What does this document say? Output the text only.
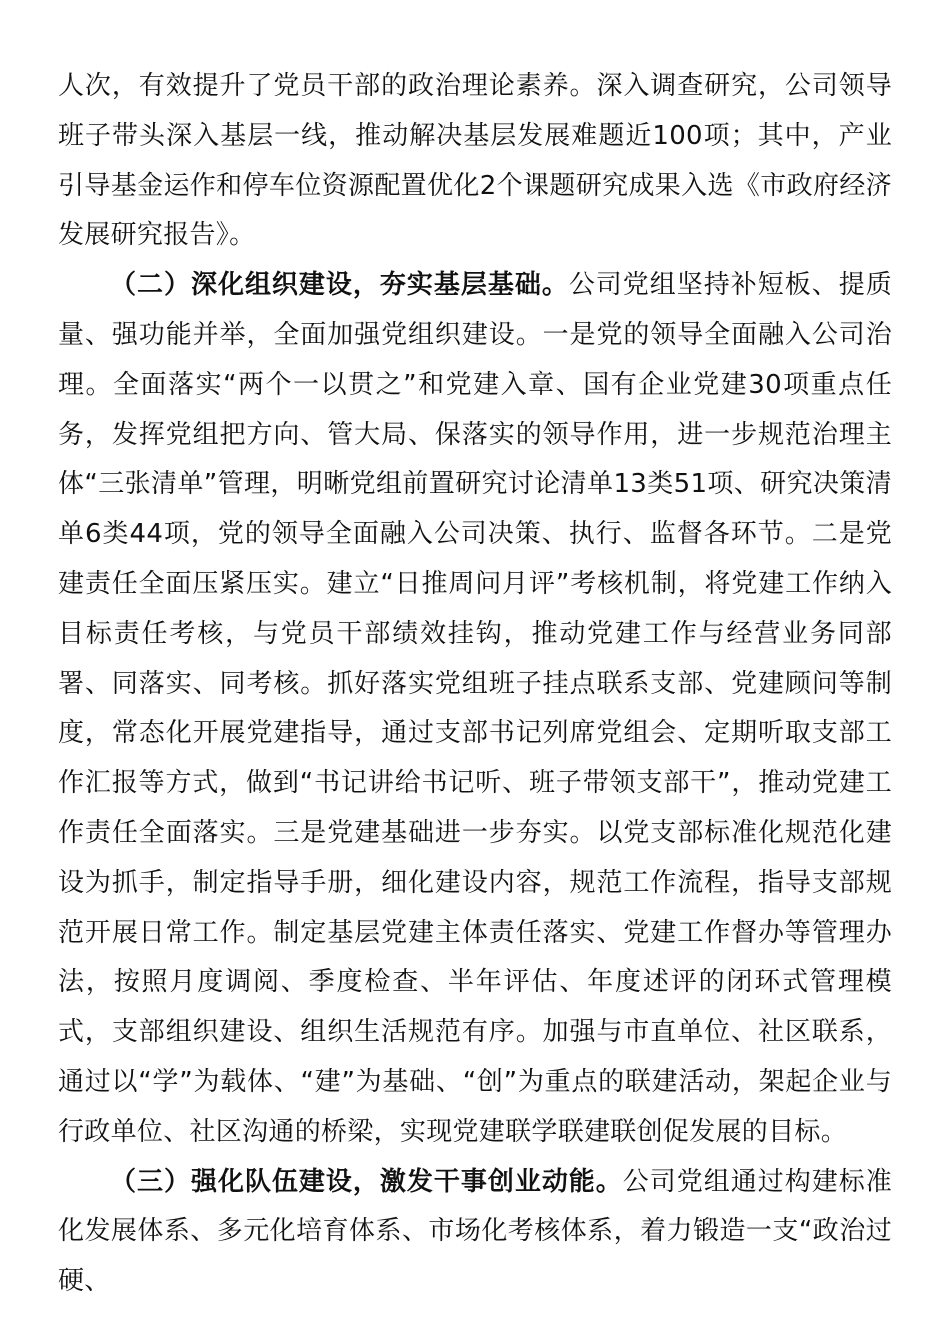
人次，有效提升了党员干部的政治理论素养。深入调查研究，公司领导班子带头深入基层一线，推动解决基层发展难题近100项；其中，产业引导基金运作和停车位资源配置优化2个课题研究成果入选《市政府经济发展研究报告》。

（二）深化组织建设，夯实基层基础。公司党组坚持补短板、提质量、强功能并举，全面加强党组织建设。一是党的领导全面融入公司治理。全面落实“两个一以贯之”和党建入章、国有企业党建30项重点任务，发挥党组把方向、管大局、保落实的领导作用，进一步规范治理主体“三张清单”管理，明晰党组前置研究讨论清单13类51项、研究决策清单6类44项，党的领导全面融入公司决策、执行、监督各环节。二是党建责任全面压紧压实。建立“日推周问月评”考核机制，将党建工作纳入目标责任考核，与党员干部绩效挂钩，推动党建工作与经营业务同部署、同落实、同考核。抓好落实党组班子挂点联系支部、党建顾问等制度，常态化开展党建指导，通过支部书记列席党组会、定期听取支部工作汇报等方式，做到“书记讲给书记听、班子带领支部干”，推动党建工作责任全面落实。三是党建基础进一步夯实。以党支部标准化规范化建设为抓手，制定指导手册，细化建设内容，规范工作流程，指导支部规范开展日常工作。制定基层党建主体责任落实、党建工作督办等管理办法，按照月度调阅、季度检查、半年评估、年度述评的闭环式管理模式，支部组织建设、组织生活规范有序。加强与市直单位、社区联系，通过以“学”为载体、“建”为基础、“创”为重点的联建活动，架起企业与行政单位、社区沟通的桥梁，实现党建联学联建联创促发展的目标。

（三）强化队伍建设，激发干事创业动能。公司党组通过构建标准化发展体系、多元化培育体系、市场化考核体系，着力锻造一支“政治过硬、
